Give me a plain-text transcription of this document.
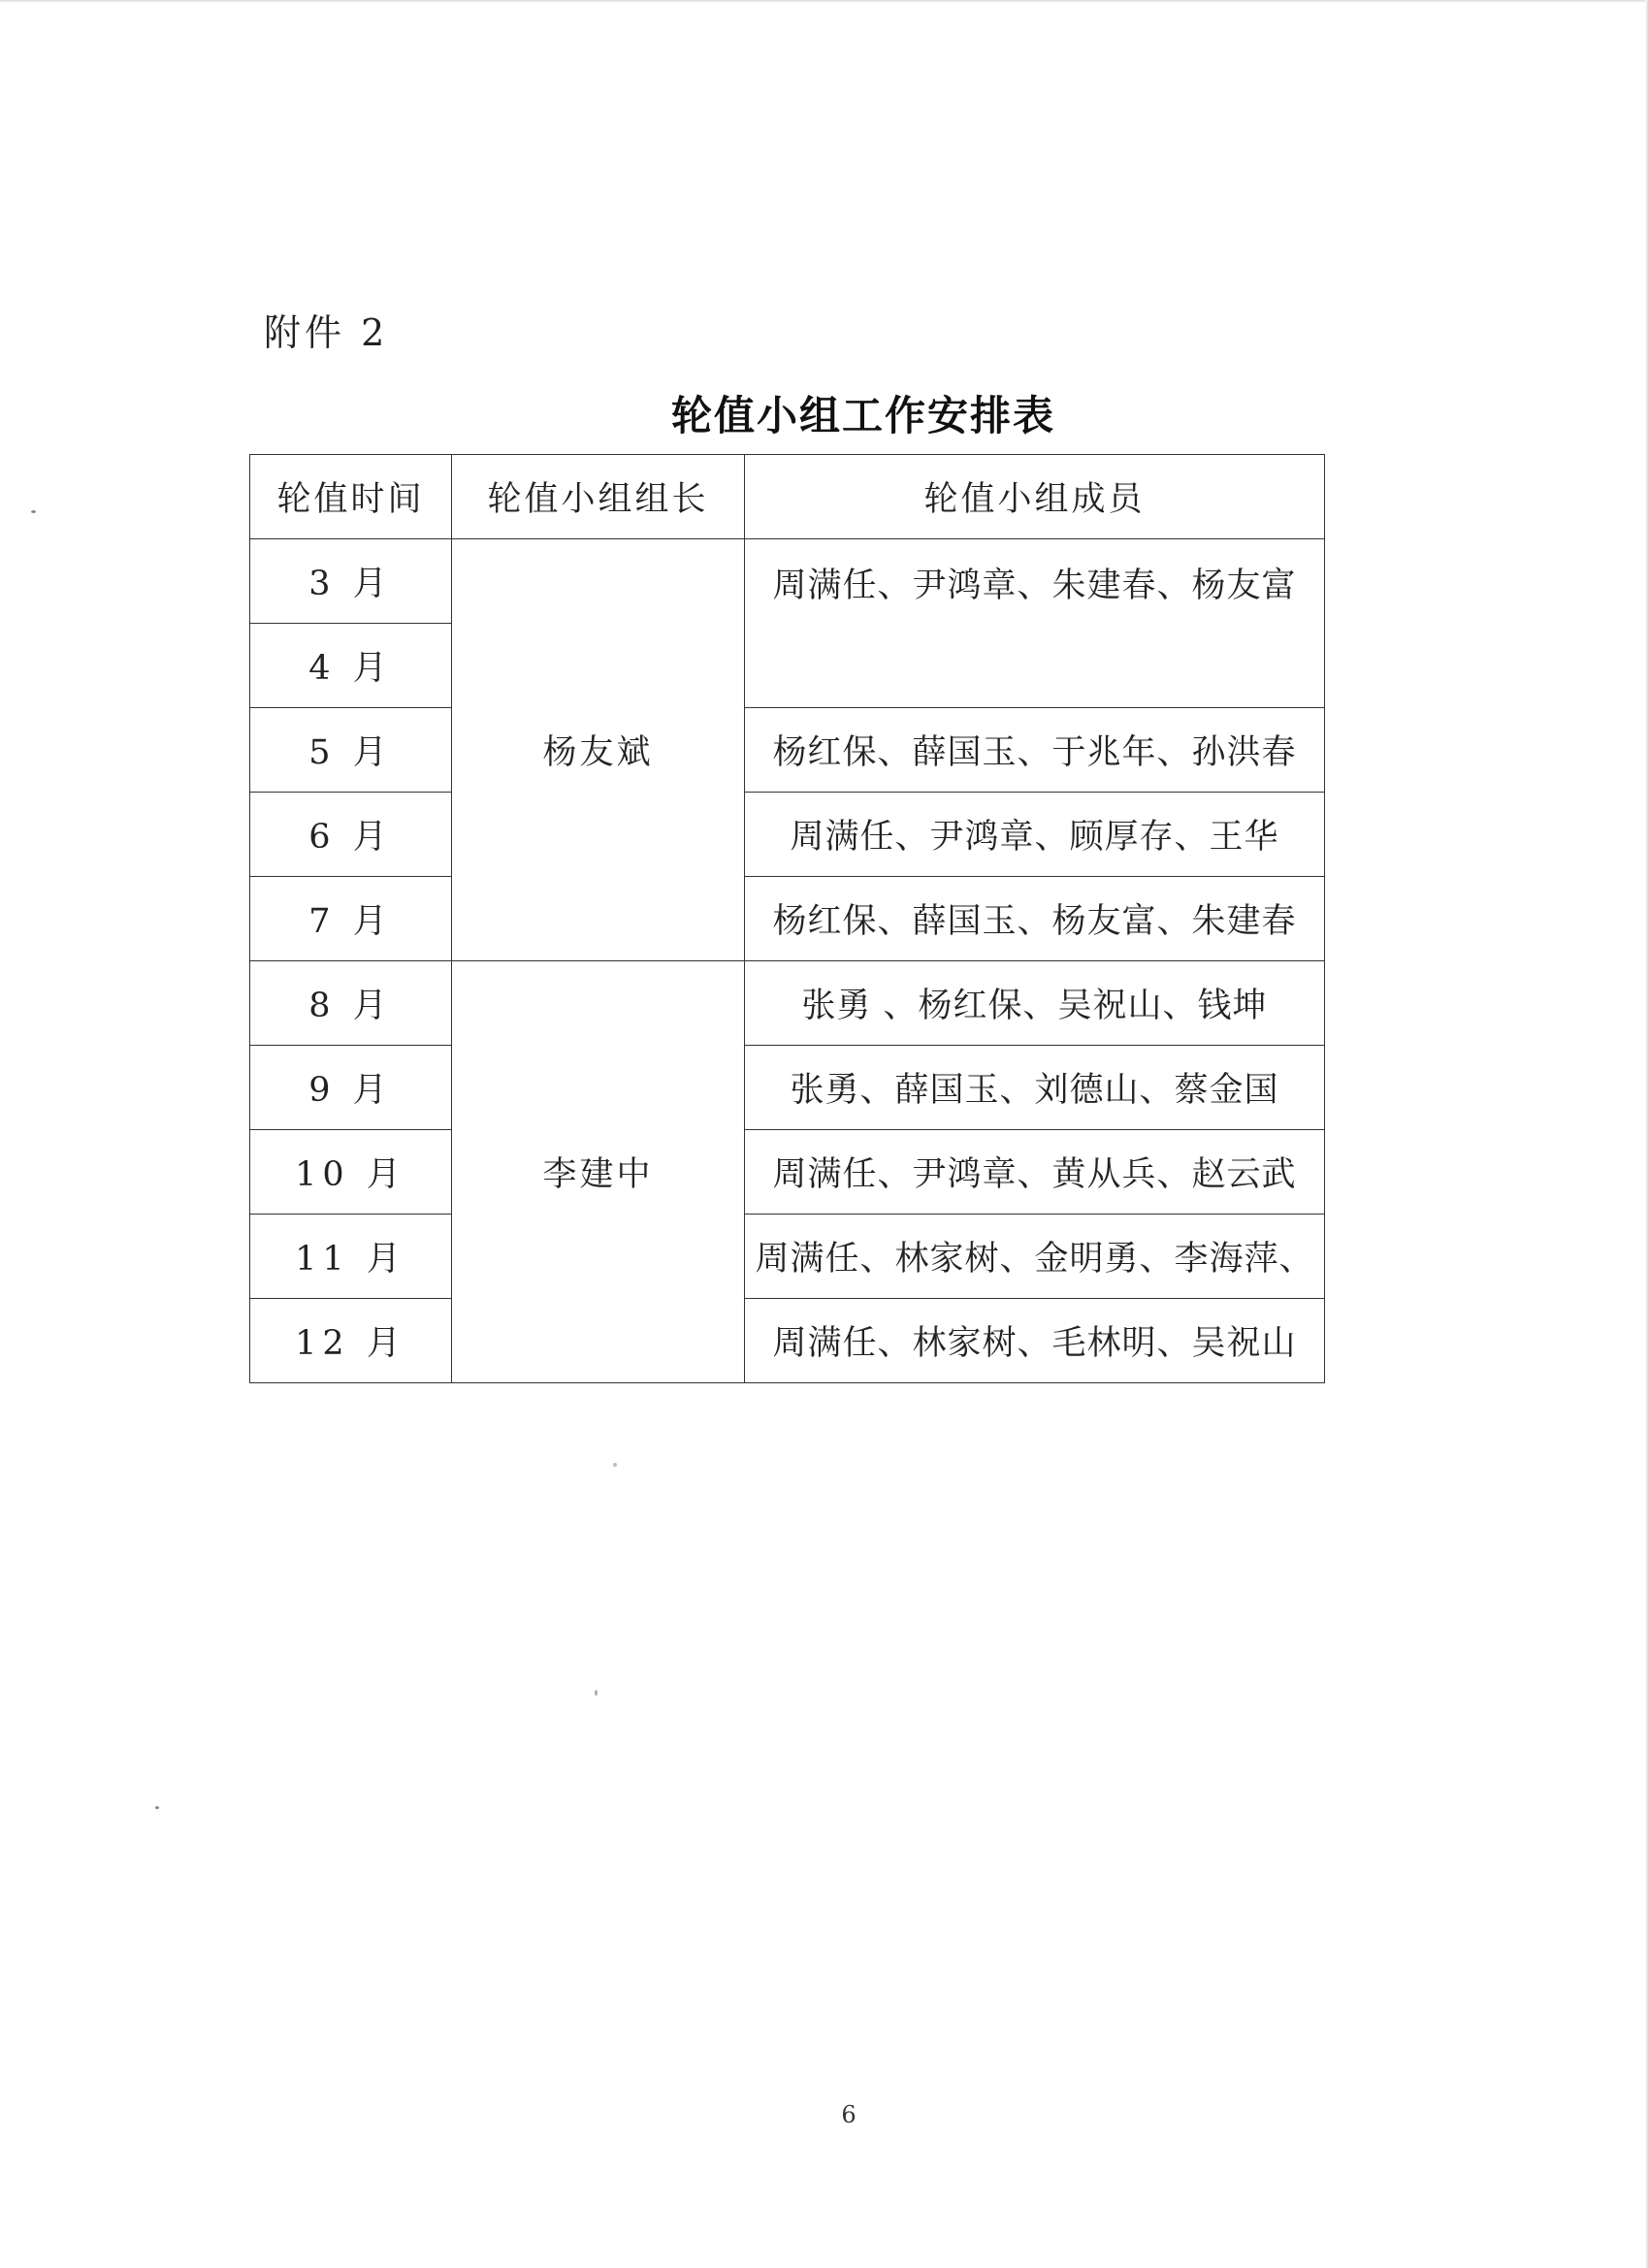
附件 2
轮值小组工作安排表
轮值时间	轮值小组组长	轮值小组成员
3 月	杨友斌	周满任、尹鸿章、朱建春、杨友富
4 月		
5 月		杨红保、薛国玉、于兆年、孙洪春
6 月		周满任、尹鸿章、顾厚存、王华
7 月		杨红保、薛国玉、杨友富、朱建春
8 月	李建中	张勇 、杨红保、吴祝山、钱坤
9 月		张勇、薛国玉、刘德山、蔡金国
10 月		周满任、尹鸿章、黄从兵、赵云武
11 月		周满任、林家树、金明勇、李海萍、
12 月		周满任、林家树、毛林明、吴祝山
6
